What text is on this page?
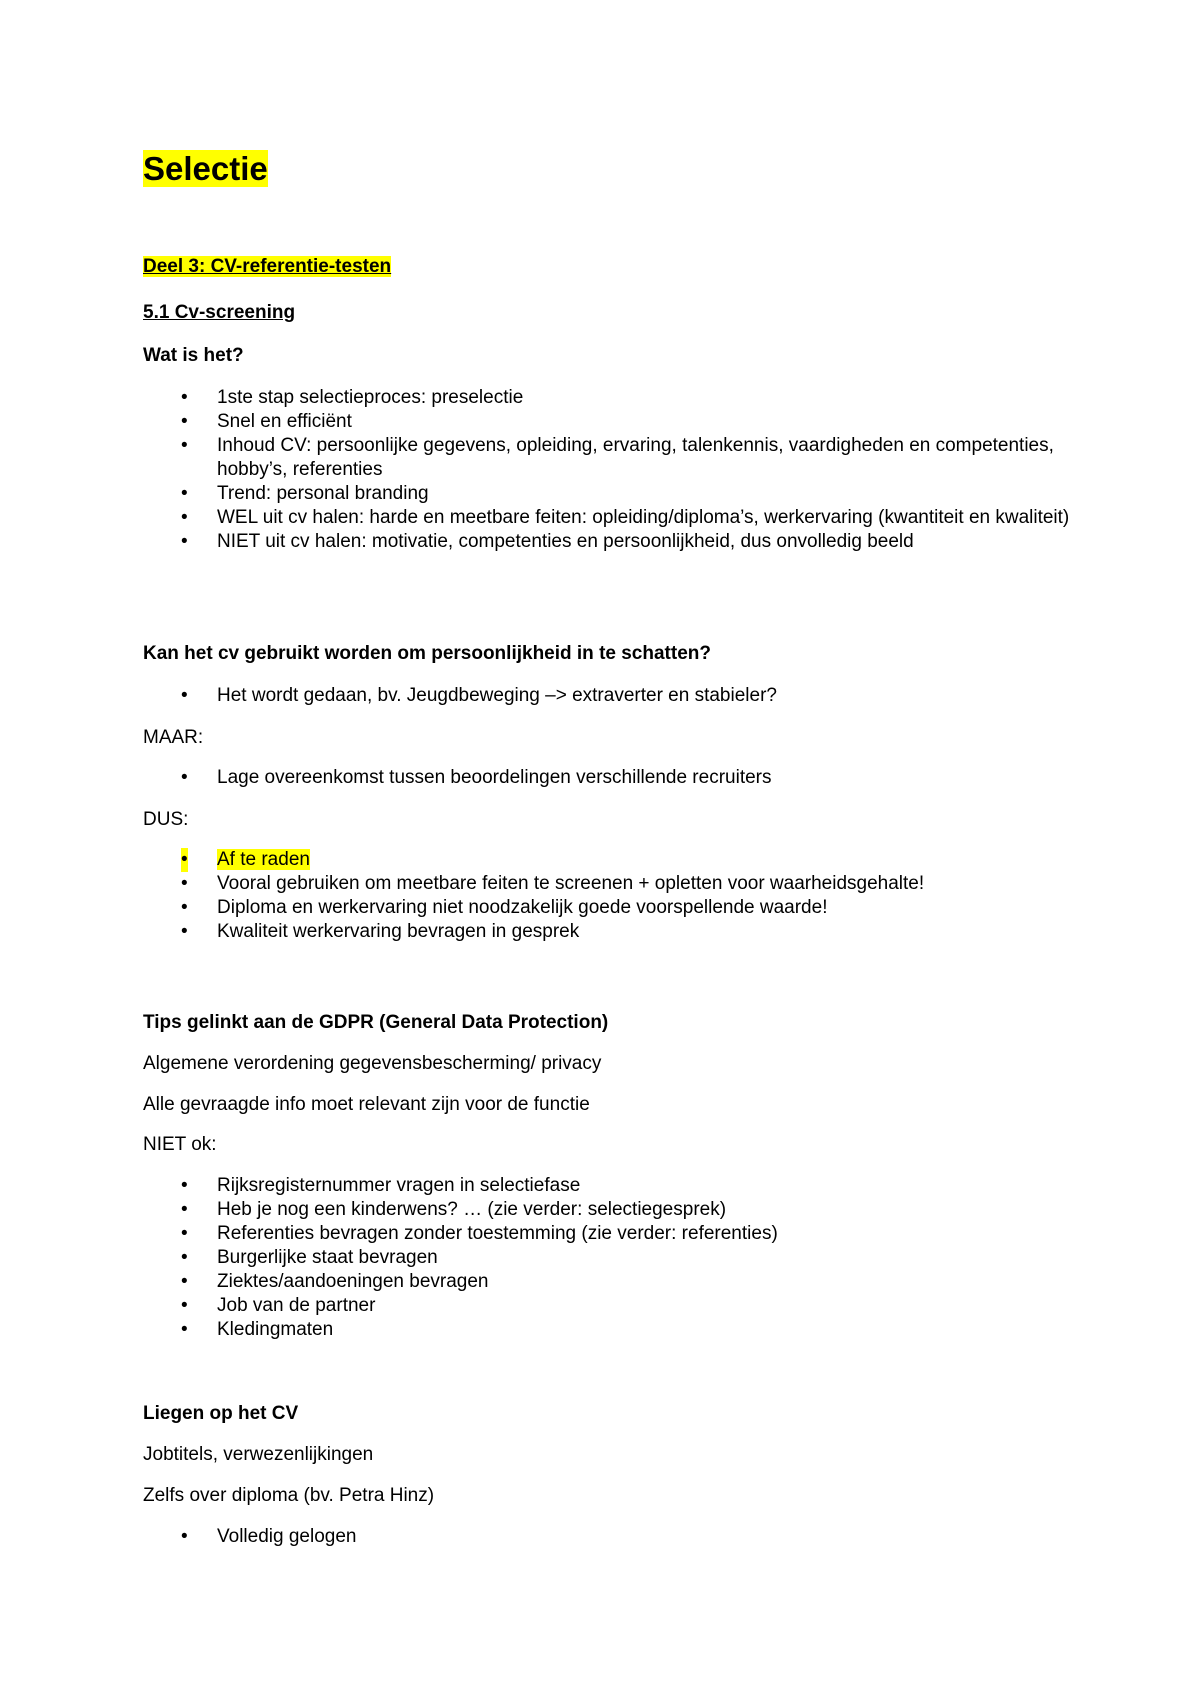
Selectie
Deel 3: CV-referentie-testen
5.1 Cv-screening
Wat is het?
• 1ste stap selectieproces: preselectie
• Snel en efficiënt
• Inhoud CV: persoonlijke gegevens, opleiding, ervaring, talenkennis, vaardigheden en competenties, hobby’s, referenties
• Trend: personal branding
• WEL uit cv halen: harde en meetbare feiten: opleiding/diploma’s, werkervaring (kwantiteit en kwaliteit)
• NIET uit cv halen: motivatie, competenties en persoonlijkheid, dus onvolledig beeld
Kan het cv gebruikt worden om persoonlijkheid in te schatten?
• Het wordt gedaan, bv. Jeugdbeweging –> extraverter en stabieler?
MAAR:
• Lage overeenkomst tussen beoordelingen verschillende recruiters
DUS:
• Af te raden
• Vooral gebruiken om meetbare feiten te screenen + opletten voor waarheidsgehalte!
• Diploma en werkervaring niet noodzakelijk goede voorspellende waarde!
• Kwaliteit werkervaring bevragen in gesprek
Tips gelinkt aan de GDPR (General Data Protection)
Algemene verordening gegevensbescherming/ privacy
Alle gevraagde info moet relevant zijn voor de functie
NIET ok:
• Rijksregisternummer vragen in selectiefase
• Heb je nog een kinderwens? … (zie verder: selectiegesprek)
• Referenties bevragen zonder toestemming (zie verder: referenties)
• Burgerlijke staat bevragen
• Ziektes/aandoeningen bevragen
• Job van de partner
• Kledingmaten
Liegen op het CV
Jobtitels, verwezenlijkingen
Zelfs over diploma (bv. Petra Hinz)
• Volledig gelogen
